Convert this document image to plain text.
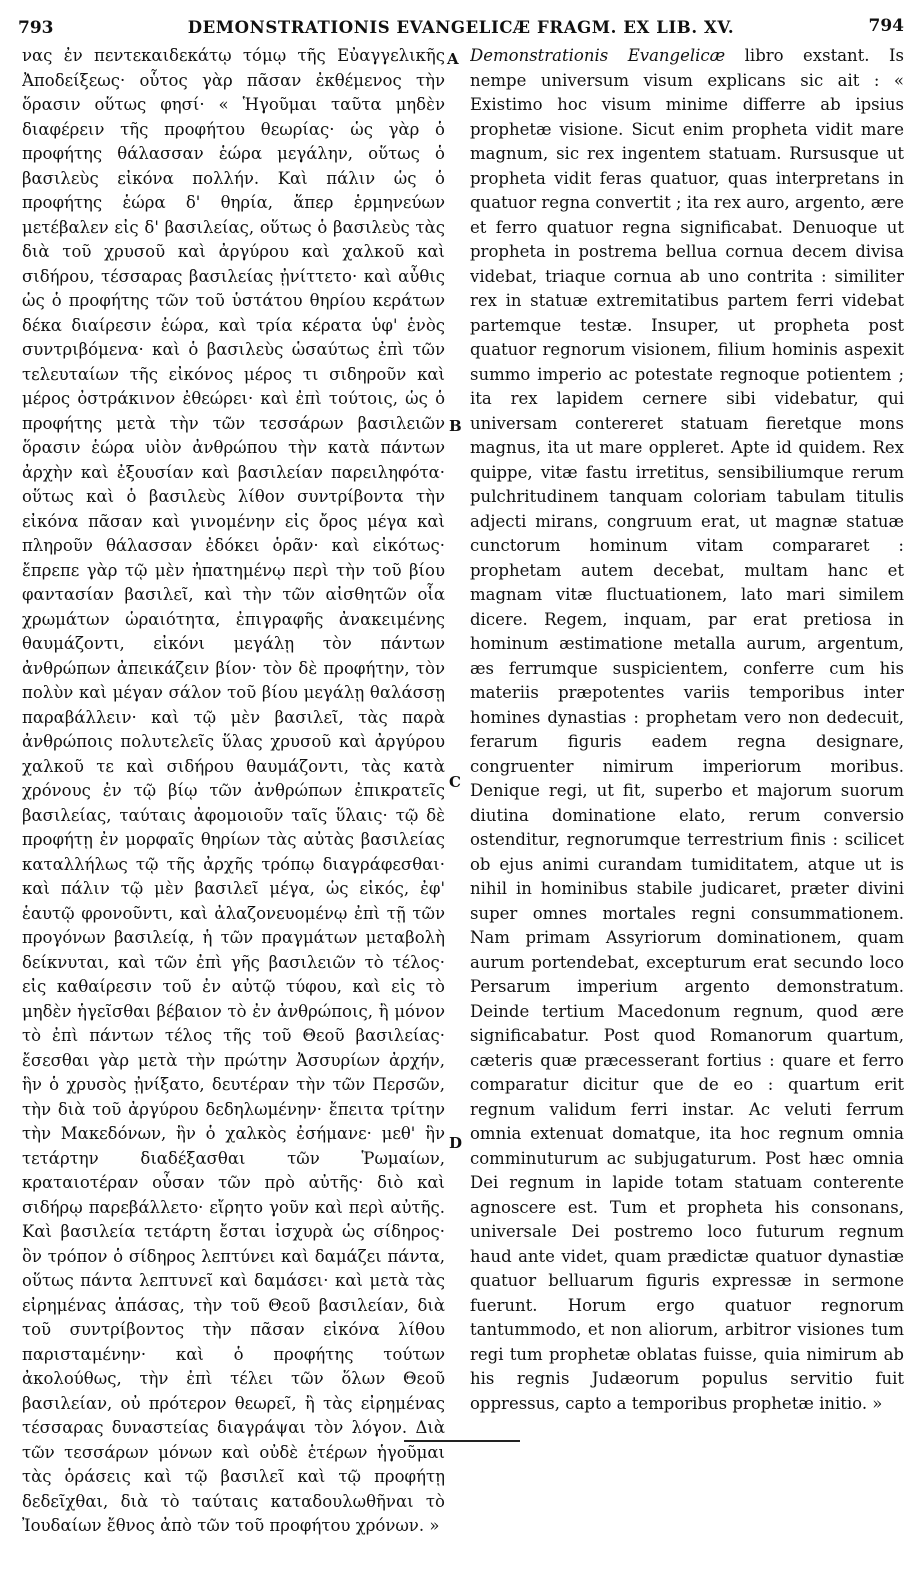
793	DEMONSTRATIONIS EVANGELICÆ FRAGM. EX LIB. XV.	794

νας ἐν πεντεκαιδεκάτῳ τόμῳ τῆς Εὐαγγελικῆς Ἀποδείξεως· οὗτος γὰρ πᾶσαν ἐκθέμενος τὴν ὅρασιν οὕτως φησί· « Ἡγοῦμαι ταῦτα μηδὲν διαφέρειν τῆς προφήτου θεωρίας· ὡς γὰρ ὁ προφήτης θάλασσαν ἑώρα μεγάλην, οὕτως ὁ βασιλεὺς εἰκόνα πολλήν. Καὶ πάλιν ὡς ὁ προφήτης ἑώρα δ' θηρία, ἅπερ ἑρμηνεύων μετέβαλεν εἰς δ' βασιλείας, οὕτως ὁ βασιλεὺς τὰς διὰ τοῦ χρυσοῦ καὶ ἀργύρου καὶ χαλκοῦ καὶ σιδήρου, τέσσαρας βασιλείας ᾐνίττετο· καὶ αὖθις ὡς ὁ προφήτης τῶν τοῦ ὑστάτου θηρίου κεράτων δέκα διαίρεσιν ἑώρα, καὶ τρία κέρατα ὑφ' ἑνὸς συντριβόμενα· καὶ ὁ βασιλεὺς ὡσαύτως ἐπὶ τῶν τελευταίων τῆς εἰκόνος μέρος τι σιδηροῦν καὶ μέρος ὀστράκινον ἐθεώρει· καὶ ἐπὶ τούτοις, ὡς ὁ προφήτης μετὰ τὴν τῶν τεσσάρων βασιλειῶν ὅρασιν ἑώρα υἱὸν ἀνθρώπου τὴν κατὰ πάντων ἀρχὴν καὶ ἐξουσίαν καὶ βασιλείαν παρειληφότα· οὕτως καὶ ὁ βασιλεὺς λίθον συντρίβοντα τὴν εἰκόνα πᾶσαν καὶ γινομένην εἰς ὄρος μέγα καὶ πληροῦν θάλασσαν ἐδόκει ὁρᾶν· καὶ εἰκότως· ἔπρεπε γὰρ τῷ μὲν ἠπατημένῳ περὶ τὴν τοῦ βίου φαντασίαν βασιλεῖ, καὶ τὴν τῶν αἰσθητῶν οἷα χρωμάτων ὡραιότητα, ἐπιγραφῆς ἀνακειμένης θαυμάζοντι, εἰκόνι μεγάλῃ τὸν πάντων ἀνθρώπων ἀπεικάζειν βίον· τὸν δὲ προφήτην, τὸν πολὺν καὶ μέγαν σάλον τοῦ βίου μεγάλῃ θαλάσσῃ παραβάλλειν· καὶ τῷ μὲν βασιλεῖ, τὰς παρὰ ἀνθρώποις πολυτελεῖς ὕλας χρυσοῦ καὶ ἀργύρου χαλκοῦ τε καὶ σιδήρου θαυμάζοντι, τὰς κατὰ χρόνους ἐν τῷ βίῳ τῶν ἀνθρώπων ἐπικρατεῖς βασιλείας, ταύταις ἀφομοιοῦν ταῖς ὕλαις· τῷ δὲ προφήτῃ ἐν μορφαῖς θηρίων τὰς αὐτὰς βασιλείας καταλλήλως τῷ τῆς ἀρχῆς τρόπῳ διαγράφεσθαι· καὶ πάλιν τῷ μὲν βασιλεῖ μέγα, ὡς εἰκός, ἐφ' ἑαυτῷ φρονοῦντι, καὶ ἀλαζονευομένῳ ἐπὶ τῇ τῶν προγόνων βασιλείᾳ, ἡ τῶν πραγμάτων μεταβολὴ δείκνυται, καὶ τῶν ἐπὶ γῆς βασιλειῶν τὸ τέλος· εἰς καθαίρεσιν τοῦ ἐν αὐτῷ τύφου, καὶ εἰς τὸ μηδὲν ἡγεῖσθαι βέβαιον τὸ ἐν ἀνθρώποις, ἢ μόνον τὸ ἐπὶ πάντων τέλος τῆς τοῦ Θεοῦ βασιλείας· ἔσεσθαι γὰρ μετὰ τὴν πρώτην Ἀσσυρίων ἀρχήν, ἣν ὁ χρυσὸς ᾐνίξατο, δευτέραν τὴν τῶν Περσῶν, τὴν διὰ τοῦ ἀργύρου δεδηλωμένην· ἔπειτα τρίτην τὴν Μακεδόνων, ἣν ὁ χαλκὸς ἐσήμανε· μεθ' ἣν τετάρτην διαδέξασθαι τῶν Ῥωμαίων, κραταιοτέραν οὖσαν τῶν πρὸ αὐτῆς· διὸ καὶ σιδήρῳ παρεβάλλετο· εἴρητο γοῦν καὶ περὶ αὐτῆς. Καὶ βασιλεία τετάρτη ἔσται ἰσχυρὰ ὡς σίδηρος· ὃν τρόπον ὁ σίδηρος λεπτύνει καὶ δαμάζει πάντα, οὕτως πάντα λεπτυνεῖ καὶ δαμάσει· καὶ μετὰ τὰς εἰρημένας ἁπάσας, τὴν τοῦ Θεοῦ βασιλείαν, διὰ τοῦ συντρίβοντος τὴν πᾶσαν εἰκόνα λίθου παρισταμένην· καὶ ὁ προφήτης τούτων ἀκολούθως, τὴν ἐπὶ τέλει τῶν ὅλων Θεοῦ βασιλείαν, οὐ πρότερον θεωρεῖ, ἢ τὰς εἰρημένας τέσσαρας δυναστείας διαγράψαι τὸν λόγον. Διὰ τῶν τεσσάρων μόνων καὶ οὐδὲ ἑτέρων ἡγοῦμαι τὰς ὁράσεις καὶ τῷ βασιλεῖ καὶ τῷ προφήτῃ δεδεῖχθαι, διὰ τὸ ταύταις καταδουλωθῆναι τὸ Ἰουδαίων ἔθνος ἀπὸ τῶν τοῦ προφήτου χρόνων. »

A
B
C
D

Demonstrationis Evangelicæ libro exstant. Is nempe universum visum explicans sic ait : « Existimo hoc visum minime differre ab ipsius prophetæ visione. Sicut enim propheta vidit mare magnum, sic rex ingentem statuam. Rursusque ut propheta vidit feras quatuor, quas interpretans in quatuor regna convertit ; ita rex auro, argento, ære et ferro quatuor regna significabat. Denuoque ut propheta in postrema bellua cornua decem divisa videbat, triaque cornua ab uno contrita : similiter rex in statuæ extremitatibus partem ferri videbat partemque testæ. Insuper, ut propheta post quatuor regnorum visionem, filium hominis aspexit summo imperio ac potestate regnoque potientem ; ita rex lapidem cernere sibi videbatur, qui universam contereret statuam fieretque mons magnus, ita ut mare oppleret. Apte id quidem. Rex quippe, vitæ fastu irretitus, sensibiliumque rerum pulchritudinem tanquam coloriam tabulam titulis adjecti mirans, congruum erat, ut magnæ statuæ cunctorum hominum vitam compararet : prophetam autem decebat, multam hanc et magnam vitæ fluctuationem, lato mari similem dicere. Regem, inquam, par erat pretiosa in hominum æstimatione metalla aurum, argentum, æs ferrumque suspicientem, conferre cum his materiis præpotentes variis temporibus inter homines dynastias : prophetam vero non dedecuit, ferarum figuris eadem regna designare, congruenter nimirum imperiorum moribus. Denique regi, ut fit, superbo et majorum suorum diutina dominatione elato, rerum conversio ostenditur, regnorumque terrestrium finis : scilicet ob ejus animi curandam tumiditatem, atque ut is nihil in hominibus stabile judicaret, præter divini super omnes mortales regni consummationem. Nam primam Assyriorum dominationem, quam aurum portendebat, excepturum erat secundo loco Persarum imperium argento demonstratum. Deinde tertium Macedonum regnum, quod ære significabatur. Post quod Romanorum quartum, cæteris quæ præcesserant fortius : quare et ferro comparatur dicitur que de eo : quartum erit regnum validum ferri instar. Ac veluti ferrum omnia extenuat domatque, ita hoc regnum omnia comminuturum ac subjugaturum. Post hæc omnia Dei regnum in lapide totam statuam conterente agnoscere est. Tum et propheta his consonans, universale Dei postremo loco futurum regnum haud ante videt, quam prædictæ quatuor dynastiæ quatuor belluarum figuris expressæ in sermone fuerunt. Horum ergo quatuor regnorum tantummodo, et non aliorum, arbitror visiones tum regi tum prophetæ oblatas fuisse, quia nimirum ab his regnis Judæorum populus servitio fuit oppressus, capto a temporibus prophetæ initio. »
